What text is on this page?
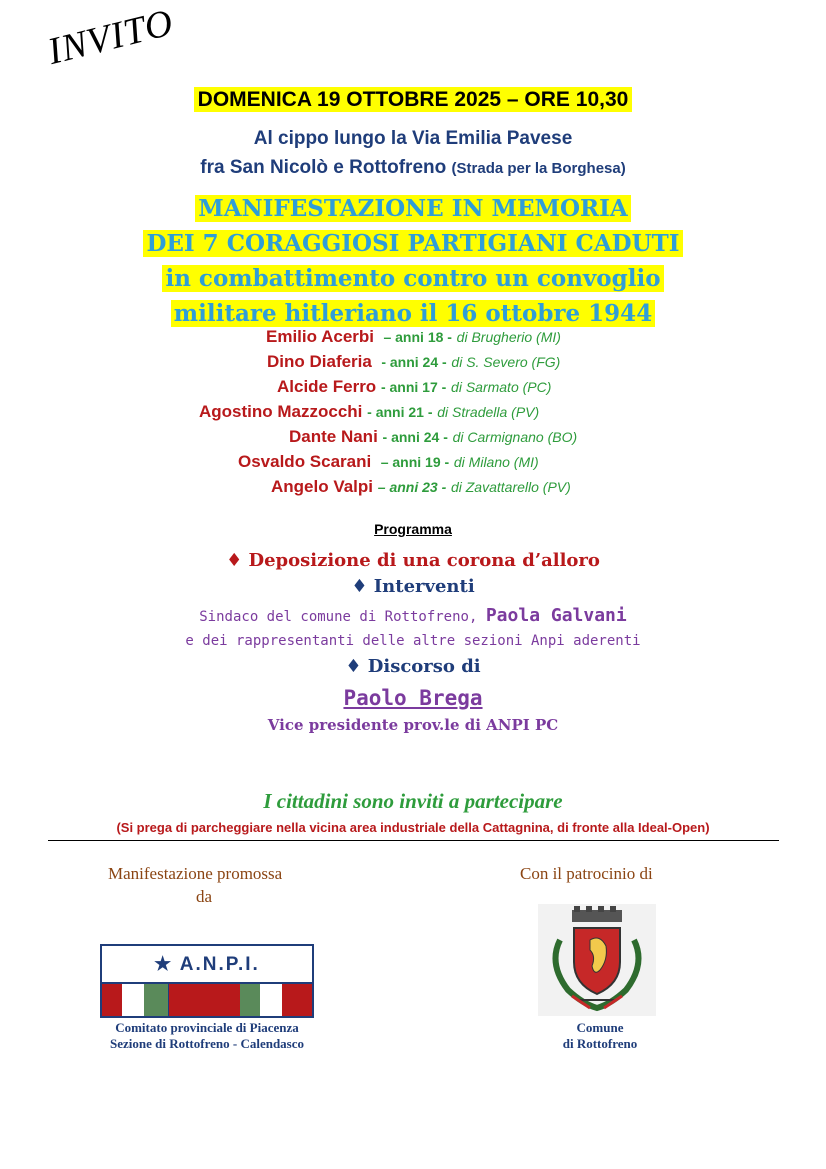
INVITO
DOMENICA 19 OTTOBRE 2025 – ORE 10,30
Al cippo lungo la Via Emilia Pavese
fra San Nicolò e Rottofreno (Strada per la Borghesa)
MANIFESTAZIONE IN MEMORIA
DEI 7 CORAGGIOSI PARTIGIANI CADUTI
in combattimento contro un convoglio
militare hitleriano il 16 ottobre 1944
Emilio Acerbi – anni 18 - di Brugherio (MI)
Dino Diaferia - anni 24 - di S. Severo (FG)
Alcide Ferro - anni 17 - di Sarmato (PC)
Agostino Mazzocchi - anni 21 - di Stradella (PV)
Dante Nani - anni 24 - di Carmignano (BO)
Osvaldo Scarani – anni 19 - di Milano (MI)
Angelo Valpi – anni 23 - di Zavattarello (PV)
Programma
♦ Deposizione di una corona d’alloro
♦ Interventi
Sindaco del comune di Rottofreno, Paola Galvani
e dei rappresentanti delle altre sezioni Anpi aderenti
♦ Discorso di
Paolo Brega
Vice presidente prov.le di ANPI PC
I cittadini sono inviti a partecipare
(Si prega di parcheggiare nella vicina area industriale della Cattagnina, di fronte alla Ideal-Open)
Manifestazione promossa
da
Con il patrocinio di
★ A.N.P.I.
Comitato provinciale di Piacenza
Sezione di Rottofreno - Calendasco
Comune
di Rottofreno
